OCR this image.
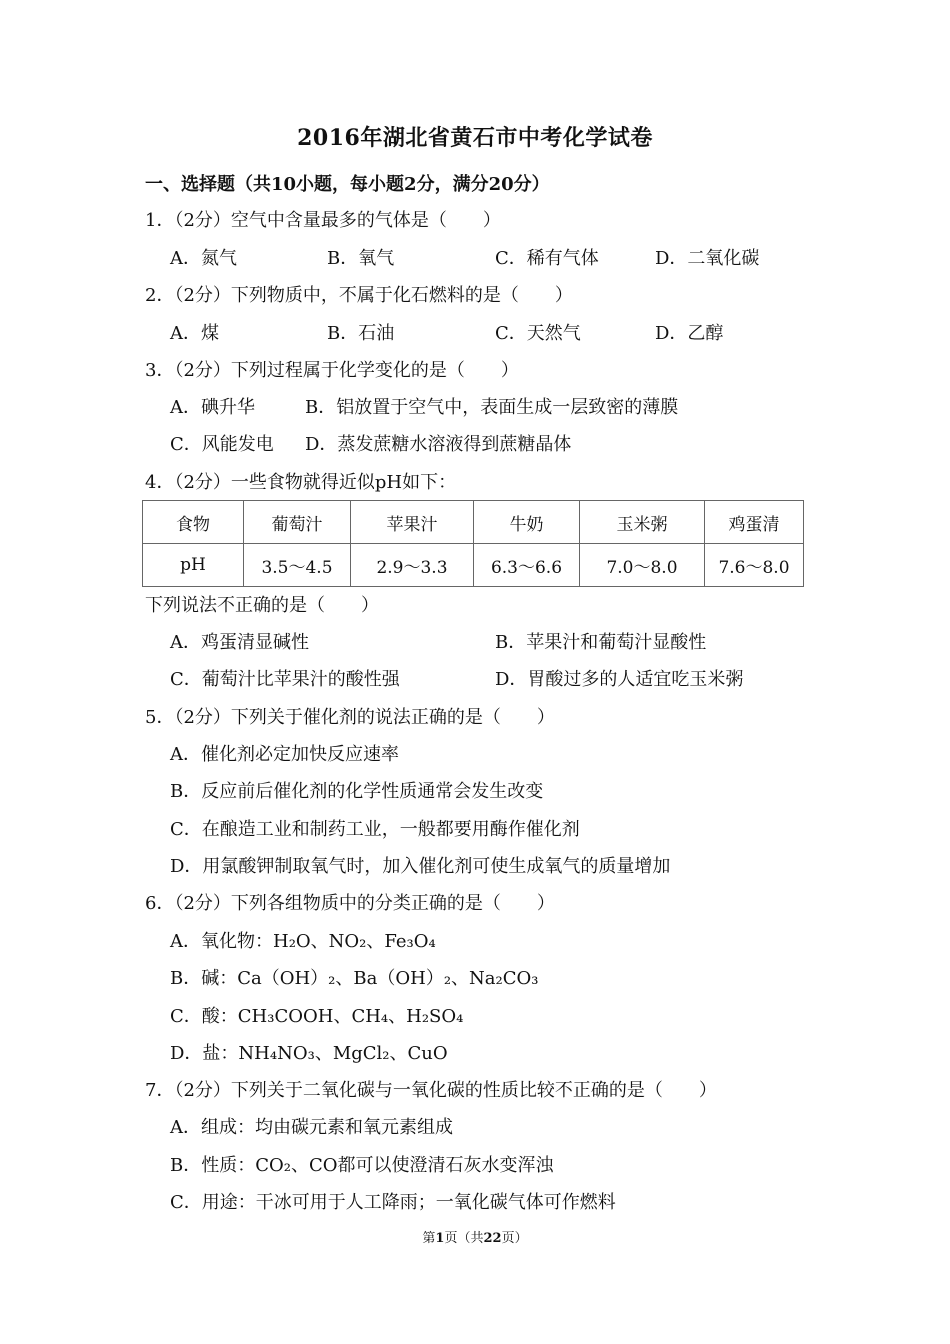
2016年湖北省黄石市中考化学试卷
一、选择题（共10小题，每小题2分，满分20分）
1．（2分）空气中含量最多的气体是（　　）
A．氮气	B．氧气	C．稀有气体	D．二氧化碳
2．（2分）下列物质中，不属于化石燃料的是（　　）
A．煤	B．石油	C．天然气	D．乙醇
3．（2分）下列过程属于化学变化的是（　　）
A．碘升华	B．铝放置于空气中，表面生成一层致密的薄膜
C．风能发电 D．蒸发蔗糖水溶液得到蔗糖晶体
4．（2分）一些食物就得近似pH如下：
食物	葡萄汁	苹果汁	牛奶	玉米粥	鸡蛋清
pH	3.5～4.5	2.9～3.3	6.3～6.6	7.0～8.0	7.6～8.0
下列说法不正确的是（　　）
A．鸡蛋清显碱性	B．苹果汁和葡萄汁显酸性
C．葡萄汁比苹果汁的酸性强	D．胃酸过多的人适宜吃玉米粥
5．（2分）下列关于催化剂的说法正确的是（　　）
A．催化剂必定加快反应速率
B．反应前后催化剂的化学性质通常会发生改变
C．在酿造工业和制药工业，一般都要用酶作催化剂
D．用氯酸钾制取氧气时，加入催化剂可使生成氧气的质量增加
6．（2分）下列各组物质中的分类正确的是（　　）
A．氧化物：H₂O、NO₂、Fe₃O₄
B．碱：Ca（OH）₂、Ba（OH）₂、Na₂CO₃
C．酸：CH₃COOH、CH₄、H₂SO₄
D．盐：NH₄NO₃、MgCl₂、CuO
7．（2分）下列关于二氧化碳与一氧化碳的性质比较不正确的是（　　）
A．组成：均由碳元素和氧元素组成
B．性质：CO₂、CO都可以使澄清石灰水变浑浊
C．用途：干冰可用于人工降雨；一氧化碳气体可作燃料
第1页（共22页）
